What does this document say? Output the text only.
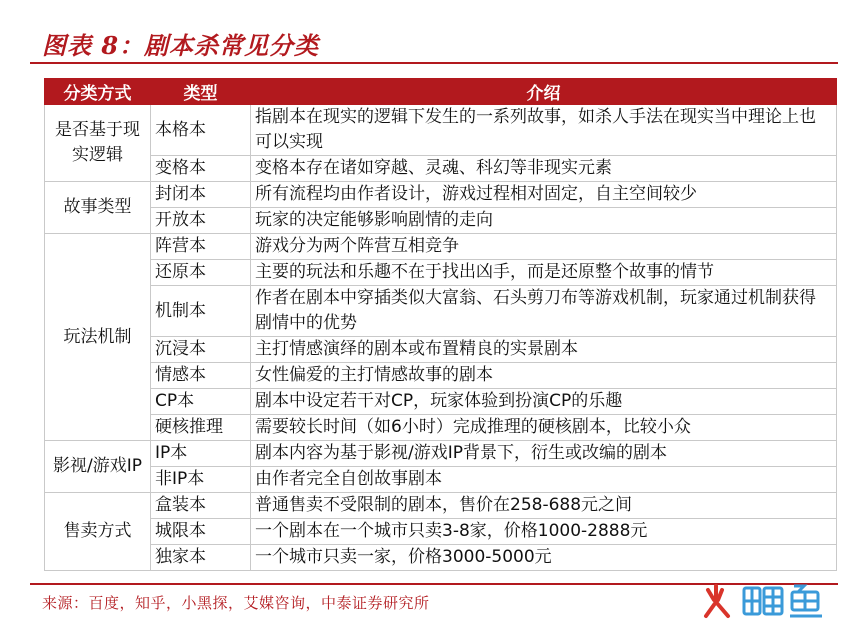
图表 8：剧本杀常见分类
分类方式	类型	介绍
是否基于现实逻辑	本格本	指剧本在现实的逻辑下发生的一系列故事，如杀人手法在现实当中理论上也可以实现
	变格本	变格本存在诸如穿越、灵魂、科幻等非现实元素
故事类型	封闭本	所有流程均由作者设计，游戏过程相对固定，自主空间较少
	开放本	玩家的决定能够影响剧情的走向
玩法机制	阵营本	游戏分为两个阵营互相竞争
	还原本	主要的玩法和乐趣不在于找出凶手，而是还原整个故事的情节
	机制本	作者在剧本中穿插类似大富翁、石头剪刀布等游戏机制，玩家通过机制获得剧情中的优势
	沉浸本	主打情感演绎的剧本或布置精良的实景剧本
	情感本	女性偏爱的主打情感故事的剧本
	CP本	剧本中设定若干对CP，玩家体验到扮演CP的乐趣
	硬核推理	需要较长时间（如6小时）完成推理的硬核剧本，比较小众
影视/游戏IP	IP本	剧本内容为基于影视/游戏IP背景下，衍生或改编的剧本
	非IP本	由作者完全自创故事剧本
售卖方式	盒装本	普通售卖不受限制的剧本，售价在258-688元之间
	城限本	一个剧本在一个城市只卖3-8家，价格1000-2888元
	独家本	一个城市只卖一家，价格3000-5000元
来源：百度，知乎，小黑探，艾媒咨询，中泰证券研究所
